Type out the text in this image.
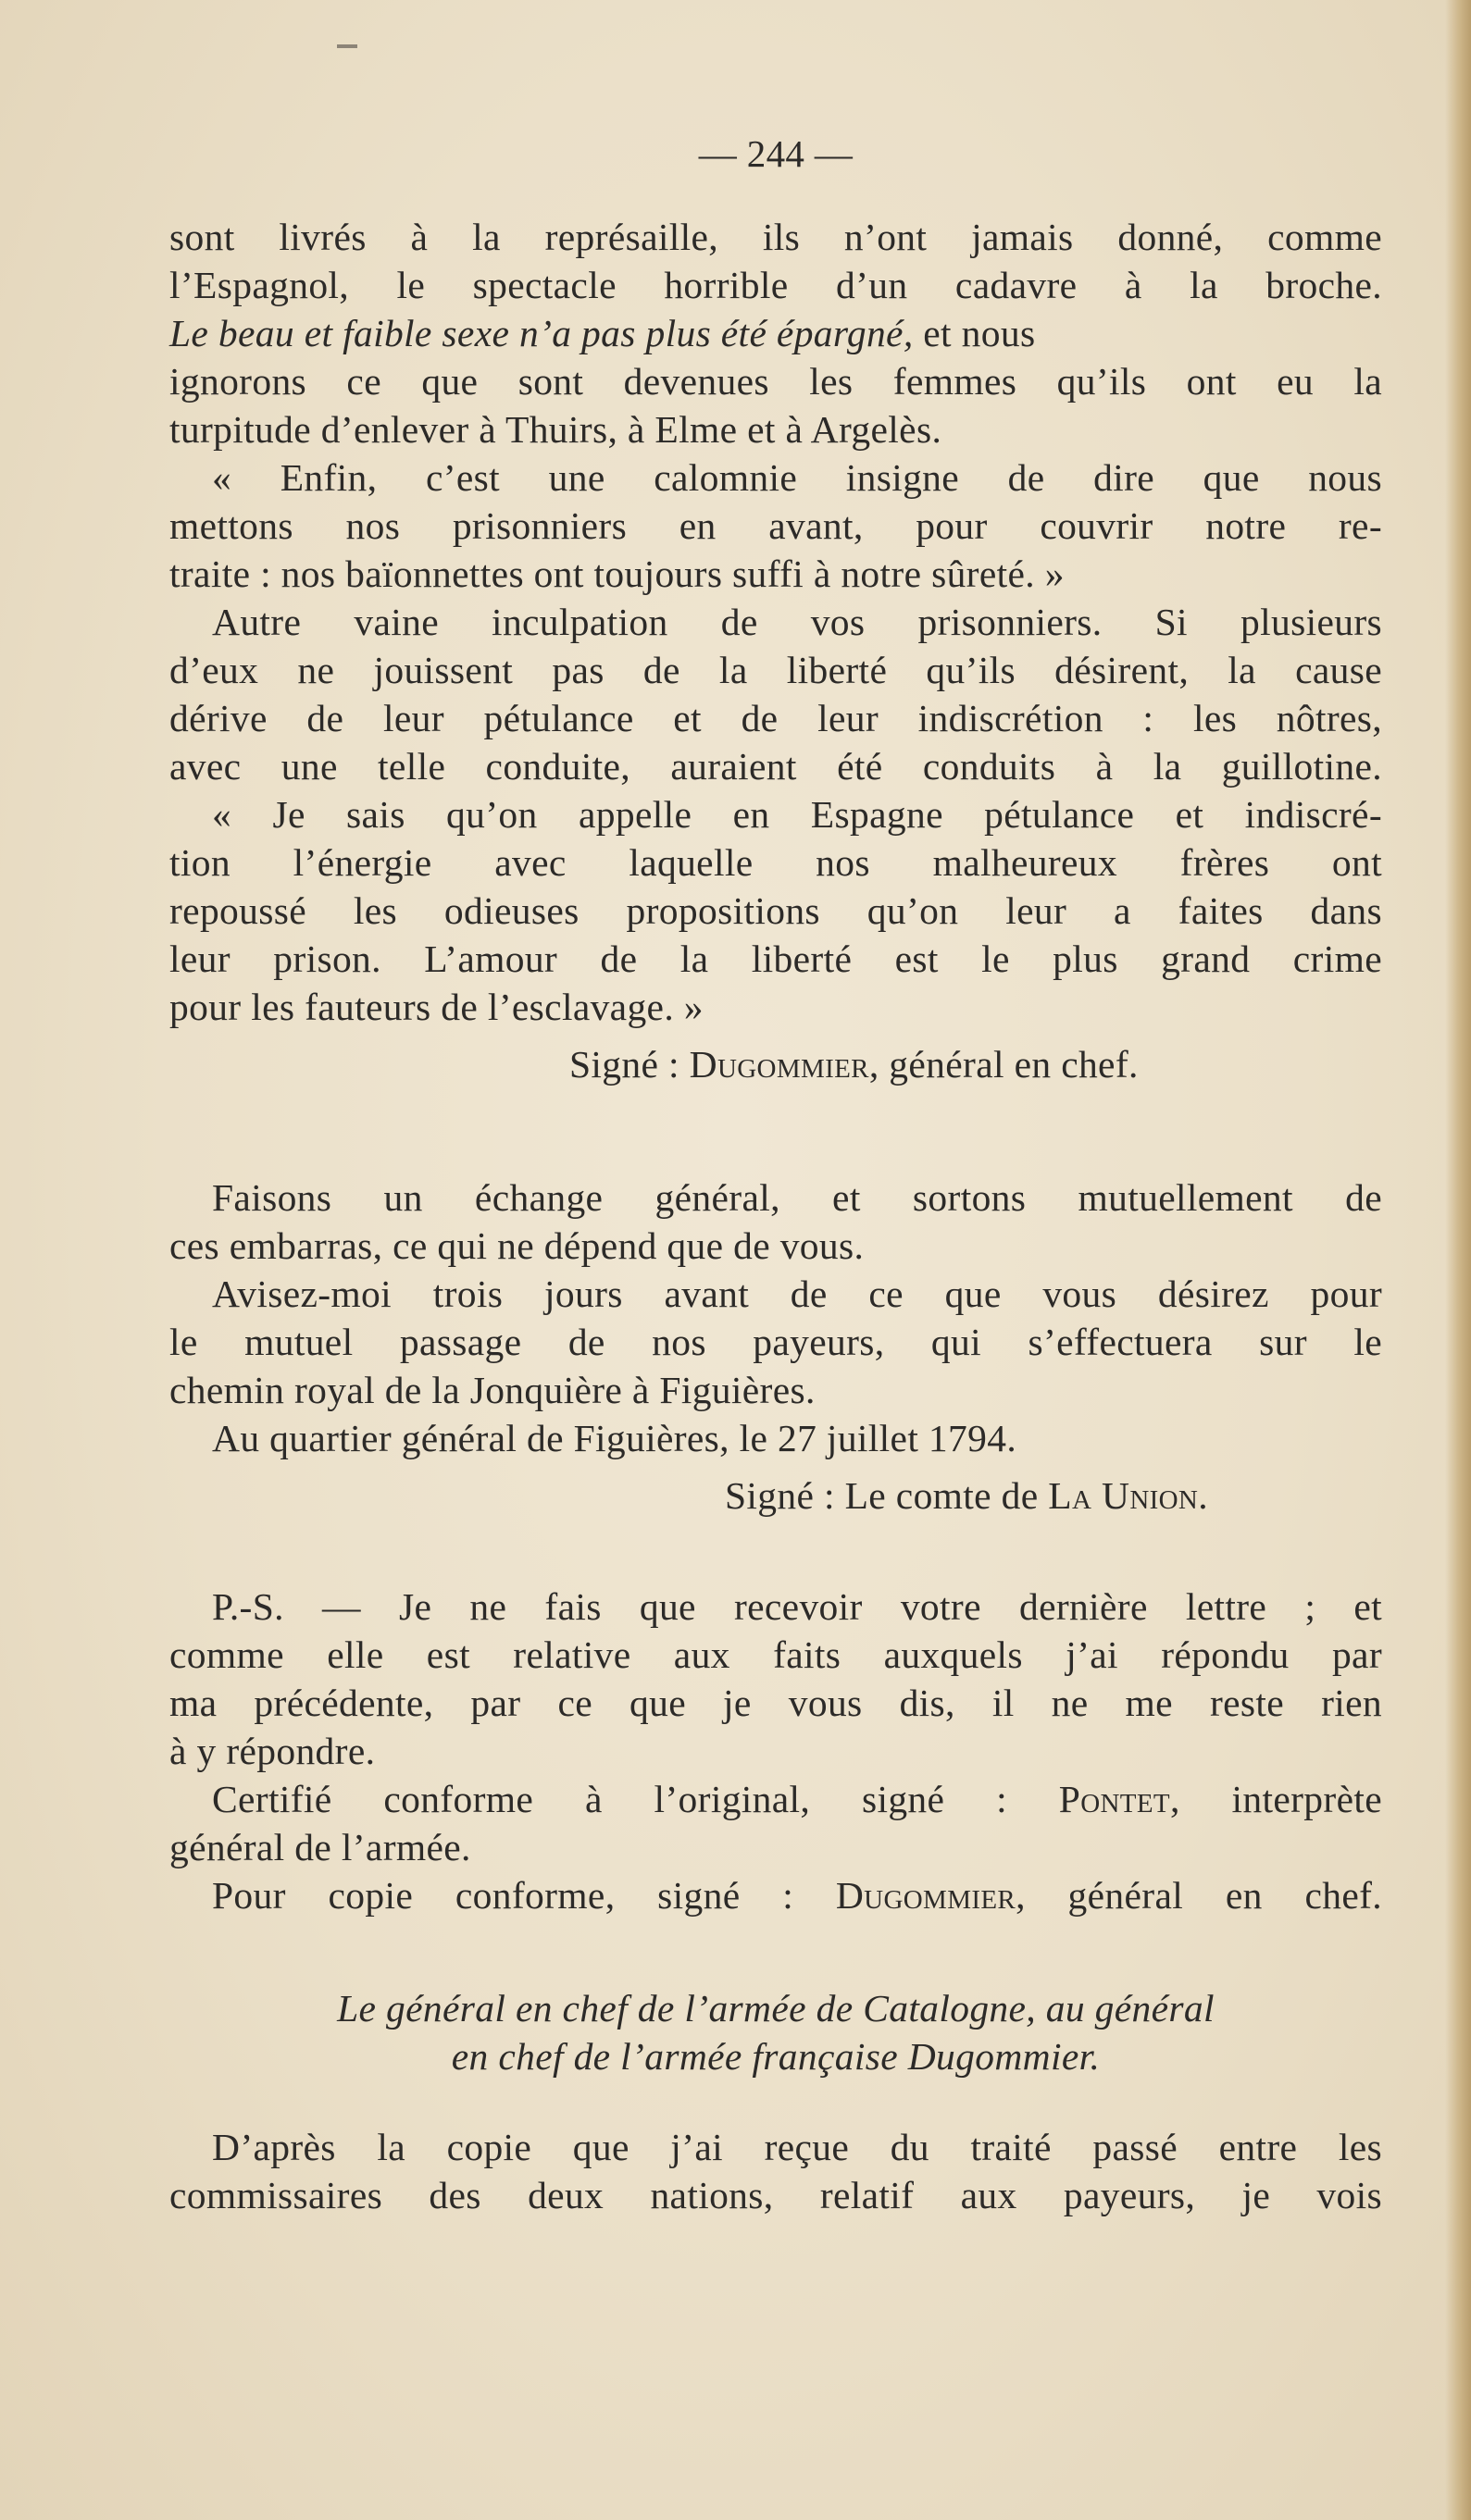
— 244 —
sont livrés à la représaille, ils n’ont jamais donné, comme
l’Espagnol, le spectacle horrible d’un cadavre à la broche.
Le beau et faible sexe n’a pas plus été épargné, et nous
ignorons ce que sont devenues les femmes qu’ils ont eu la
turpitude d’enlever à Thuirs, à Elme et à Argelès.
« Enfin, c’est une calomnie insigne de dire que nous
mettons nos prisonniers en avant, pour couvrir notre re-
traite : nos baïonnettes ont toujours suffi à notre sûreté. »
Autre vaine inculpation de vos prisonniers. Si plusieurs
d’eux ne jouissent pas de la liberté qu’ils désirent, la cause
dérive de leur pétulance et de leur indiscrétion : les nôtres,
avec une telle conduite, auraient été conduits à la guillotine.
« Je sais qu’on appelle en Espagne pétulance et indiscré-
tion l’énergie avec laquelle nos malheureux frères ont
repoussé les odieuses propositions qu’on leur a faites dans
leur prison. L’amour de la liberté est le plus grand crime
pour les fauteurs de l’esclavage. »
Signé : Dugommier, général en chef.
Faisons un échange général, et sortons mutuellement de
ces embarras, ce qui ne dépend que de vous.
Avisez-moi trois jours avant de ce que vous désirez pour
le mutuel passage de nos payeurs, qui s’effectuera sur le
chemin royal de la Jonquière à Figuières.
Au quartier général de Figuières, le 27 juillet 1794.
Signé : Le comte de La Union.
P.-S. — Je ne fais que recevoir votre dernière lettre ; et
comme elle est relative aux faits auxquels j’ai répondu par
ma précédente, par ce que je vous dis, il ne me reste rien
à y répondre.
Certifié conforme à l’original, signé : Pontet, interprète
général de l’armée.
Pour copie conforme, signé : Dugommier, général en chef.
Le général en chef de l’armée de Catalogne, au général
en chef de l’armée française Dugommier.
D’après la copie que j’ai reçue du traité passé entre les
commissaires des deux nations, relatif aux payeurs, je vois
